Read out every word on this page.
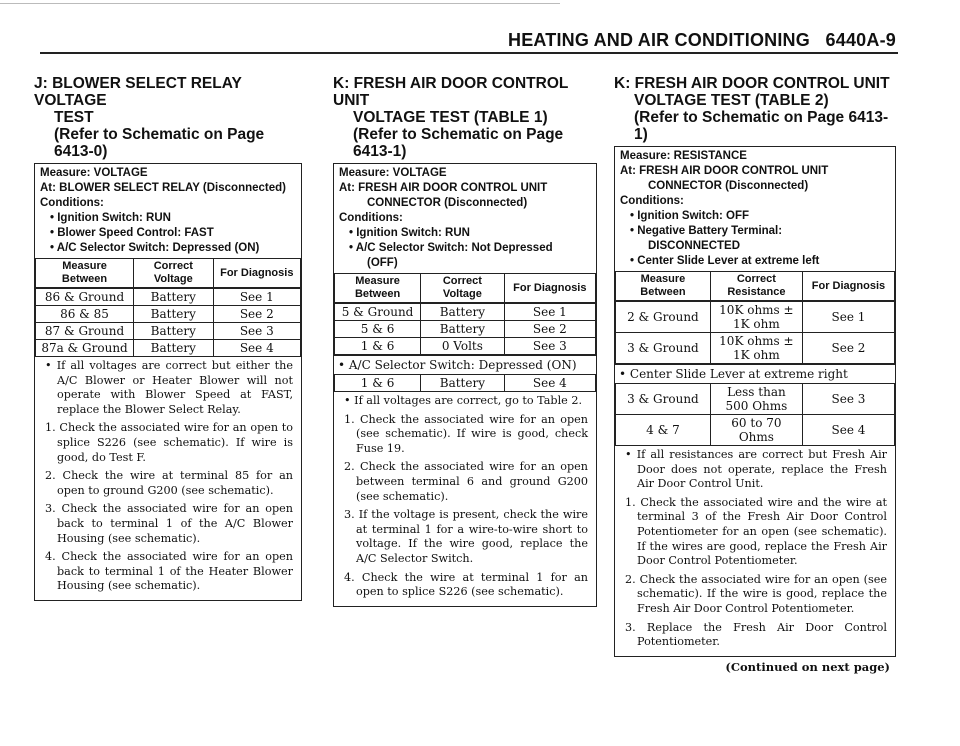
HEATING AND AIR CONDITIONING   6440A-9
J: BLOWER SELECT RELAY VOLTAGE
TEST
(Refer to Schematic on Page 6413-0)
Measure: VOLTAGE
At: BLOWER SELECT RELAY (Disconnected)
Conditions:
• Ignition Switch: RUN
• Blower Speed Control: FAST
• A/C Selector Switch: Depressed (ON)
Measure Between	Correct Voltage	For Diagnosis
86 & Ground	Battery	See 1
86 & 85	Battery	See 2
87 & Ground	Battery	See 3
87a & Ground	Battery	See 4
• If all voltages are correct but either the A/C Blower or Heater Blower will not operate with Blower Speed at FAST, replace the Blower Select Relay.
1. Check the associated wire for an open to splice S226 (see schematic). If wire is good, do Test F.
2. Check the wire at terminal 85 for an open to ground G200 (see schematic).
3. Check the associated wire for an open back to terminal 1 of the A/C Blower Housing (see schematic).
4. Check the associated wire for an open back to terminal 1 of the Heater Blower Housing (see schematic).
K: FRESH AIR DOOR CONTROL UNIT
VOLTAGE TEST (TABLE 1)
(Refer to Schematic on Page 6413-1)
Measure: VOLTAGE
At: FRESH AIR DOOR CONTROL UNIT
CONNECTOR (Disconnected)
Conditions:
• Ignition Switch: RUN
• A/C Selector Switch: Not Depressed
(OFF)
Measure Between	Correct Voltage	For Diagnosis
5 & Ground	Battery	See 1
5 & 6	Battery	See 2
1 & 6	0 Volts	See 3
• A/C Selector Switch: Depressed (ON)
1 & 6	Battery	See 4
• If all voltages are correct, go to Table 2.
1. Check the associated wire for an open (see schematic). If wire is good, check Fuse 19.
2. Check the associated wire for an open between terminal 6 and ground G200 (see schematic).
3. If the voltage is present, check the wire at terminal 1 for a wire-to-wire short to voltage. If the wire good, replace the A/C Selector Switch.
4. Check the wire at terminal 1 for an open to splice S226 (see schematic).
K: FRESH AIR DOOR CONTROL UNIT
VOLTAGE TEST (TABLE 2)
(Refer to Schematic on Page 6413-1)
Measure: RESISTANCE
At: FRESH AIR DOOR CONTROL UNIT
CONNECTOR (Disconnected)
Conditions:
• Ignition Switch: OFF
• Negative Battery Terminal:
DISCONNECTED
• Center Slide Lever at extreme left
Measure Between	Correct Resistance	For Diagnosis
2 & Ground	10K ohms ± 1K ohm	See 1
3 & Ground	10K ohms ± 1K ohm	See 2
• Center Slide Lever at extreme right
3 & Ground	Less than 500 Ohms	See 3
4 & 7	60 to 70 Ohms	See 4
• If all resistances are correct but Fresh Air Door does not operate, replace the Fresh Air Door Control Unit.
1. Check the associated wire and the wire at terminal 3 of the Fresh Air Door Control Potentiometer for an open (see schematic). If the wires are good, replace the Fresh Air Door Control Potentiometer.
2. Check the associated wire for an open (see schematic). If the wire is good, replace the Fresh Air Door Control Potentiometer.
3. Replace the Fresh Air Door Control Potentiometer.
(Continued on next page)
